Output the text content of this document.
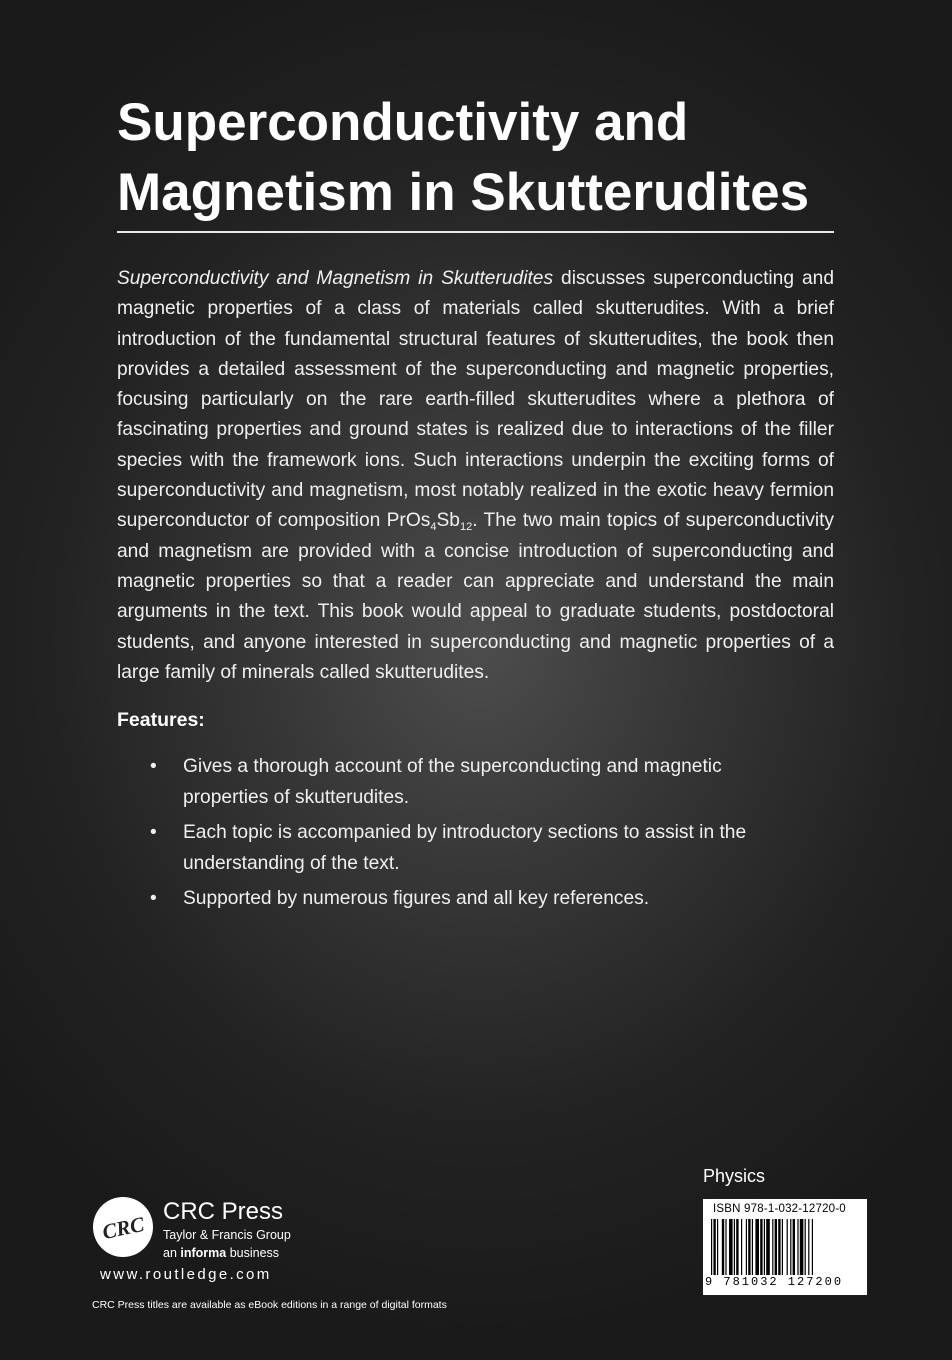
Superconductivity and
Magnetism in Skutterudites

Superconductivity and Magnetism in Skutterudites discusses superconducting and magnetic properties of a class of materials called skutterudites. With a brief introduction of the fundamental structural features of skutterudites, the book then provides a detailed assessment of the superconducting and magnetic properties, focusing particularly on the rare earth-filled skutterudites where a plethora of fascinating properties and ground states is realized due to interactions of the filler species with the framework ions. Such interactions underpin the exciting forms of superconductivity and magnetism, most notably realized in the exotic heavy fermion superconductor of composition $PrOs_4Sb_{12}$. The two main topics of superconductivity and magnetism are provided with a concise introduction of superconducting and magnetic properties so that a reader can appreciate and understand the main arguments in the text. This book would appeal to graduate students, postdoctoral students, and anyone interested in superconducting and magnetic properties of a large family of minerals called skutterudites.

Features:
• Gives a thorough account of the superconducting and magnetic properties of skutterudites.
• Each topic is accompanied by introductory sections to assist in the understanding of the text.
• Supported by numerous figures and all key references.
Physics
ISBN 978-1-032-12720-0
9 781032 127200
CRC
CRC Press
Taylor & Francis Group
an informa business
www.routledge.com
CRC Press titles are available as eBook editions in a range of digital formats
